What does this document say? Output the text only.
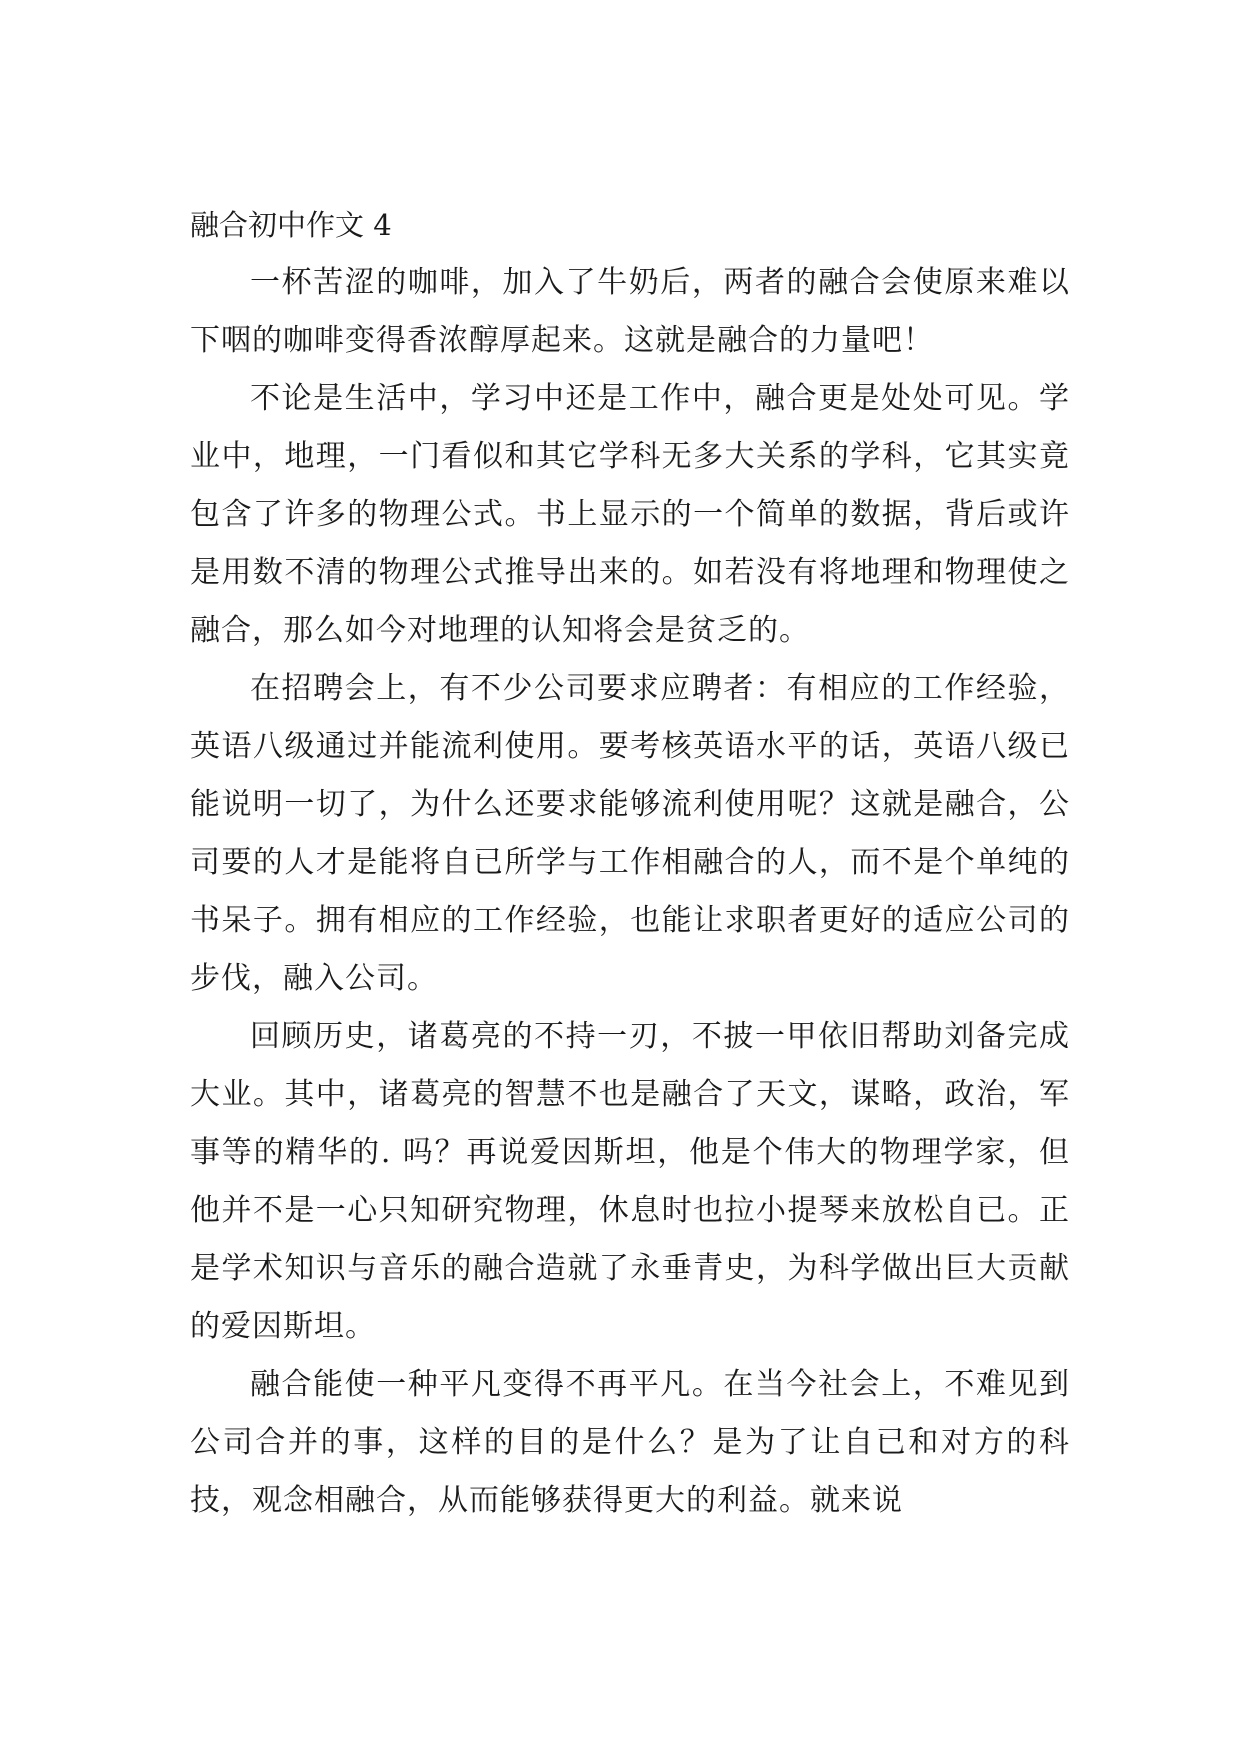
融合初中作文 4

一杯苦涩的咖啡，加入了牛奶后，两者的融合会使原来难以下咽的咖啡变得香浓醇厚起来。这就是融合的力量吧！

不论是生活中，学习中还是工作中，融合更是处处可见。学业中，地理，一门看似和其它学科无多大关系的学科，它其实竟包含了许多的物理公式。书上显示的一个简单的数据，背后或许是用数不清的物理公式推导出来的。如若没有将地理和物理使之融合，那么如今对地理的认知将会是贫乏的。

在招聘会上，有不少公司要求应聘者：有相应的工作经验，英语八级通过并能流利使用。要考核英语水平的话，英语八级已能说明一切了，为什么还要求能够流利使用呢？这就是融合，公司要的人才是能将自已所学与工作相融合的人，而不是个单纯的书呆子。拥有相应的工作经验，也能让求职者更好的适应公司的步伐，融入公司。

回顾历史，诸葛亮的不持一刃，不披一甲依旧帮助刘备完成大业。其中，诸葛亮的智慧不也是融合了天文，谋略，政治，军事等的精华的. 吗？再说爱因斯坦，他是个伟大的物理学家，但他并不是一心只知研究物理，休息时也拉小提琴来放松自已。正是学术知识与音乐的融合造就了永垂青史，为科学做出巨大贡献的爱因斯坦。

融合能使一种平凡变得不再平凡。在当今社会上，不难见到公司合并的事，这样的目的是什么？是为了让自已和对方的科技，观念相融合，从而能够获得更大的利益。就来说
